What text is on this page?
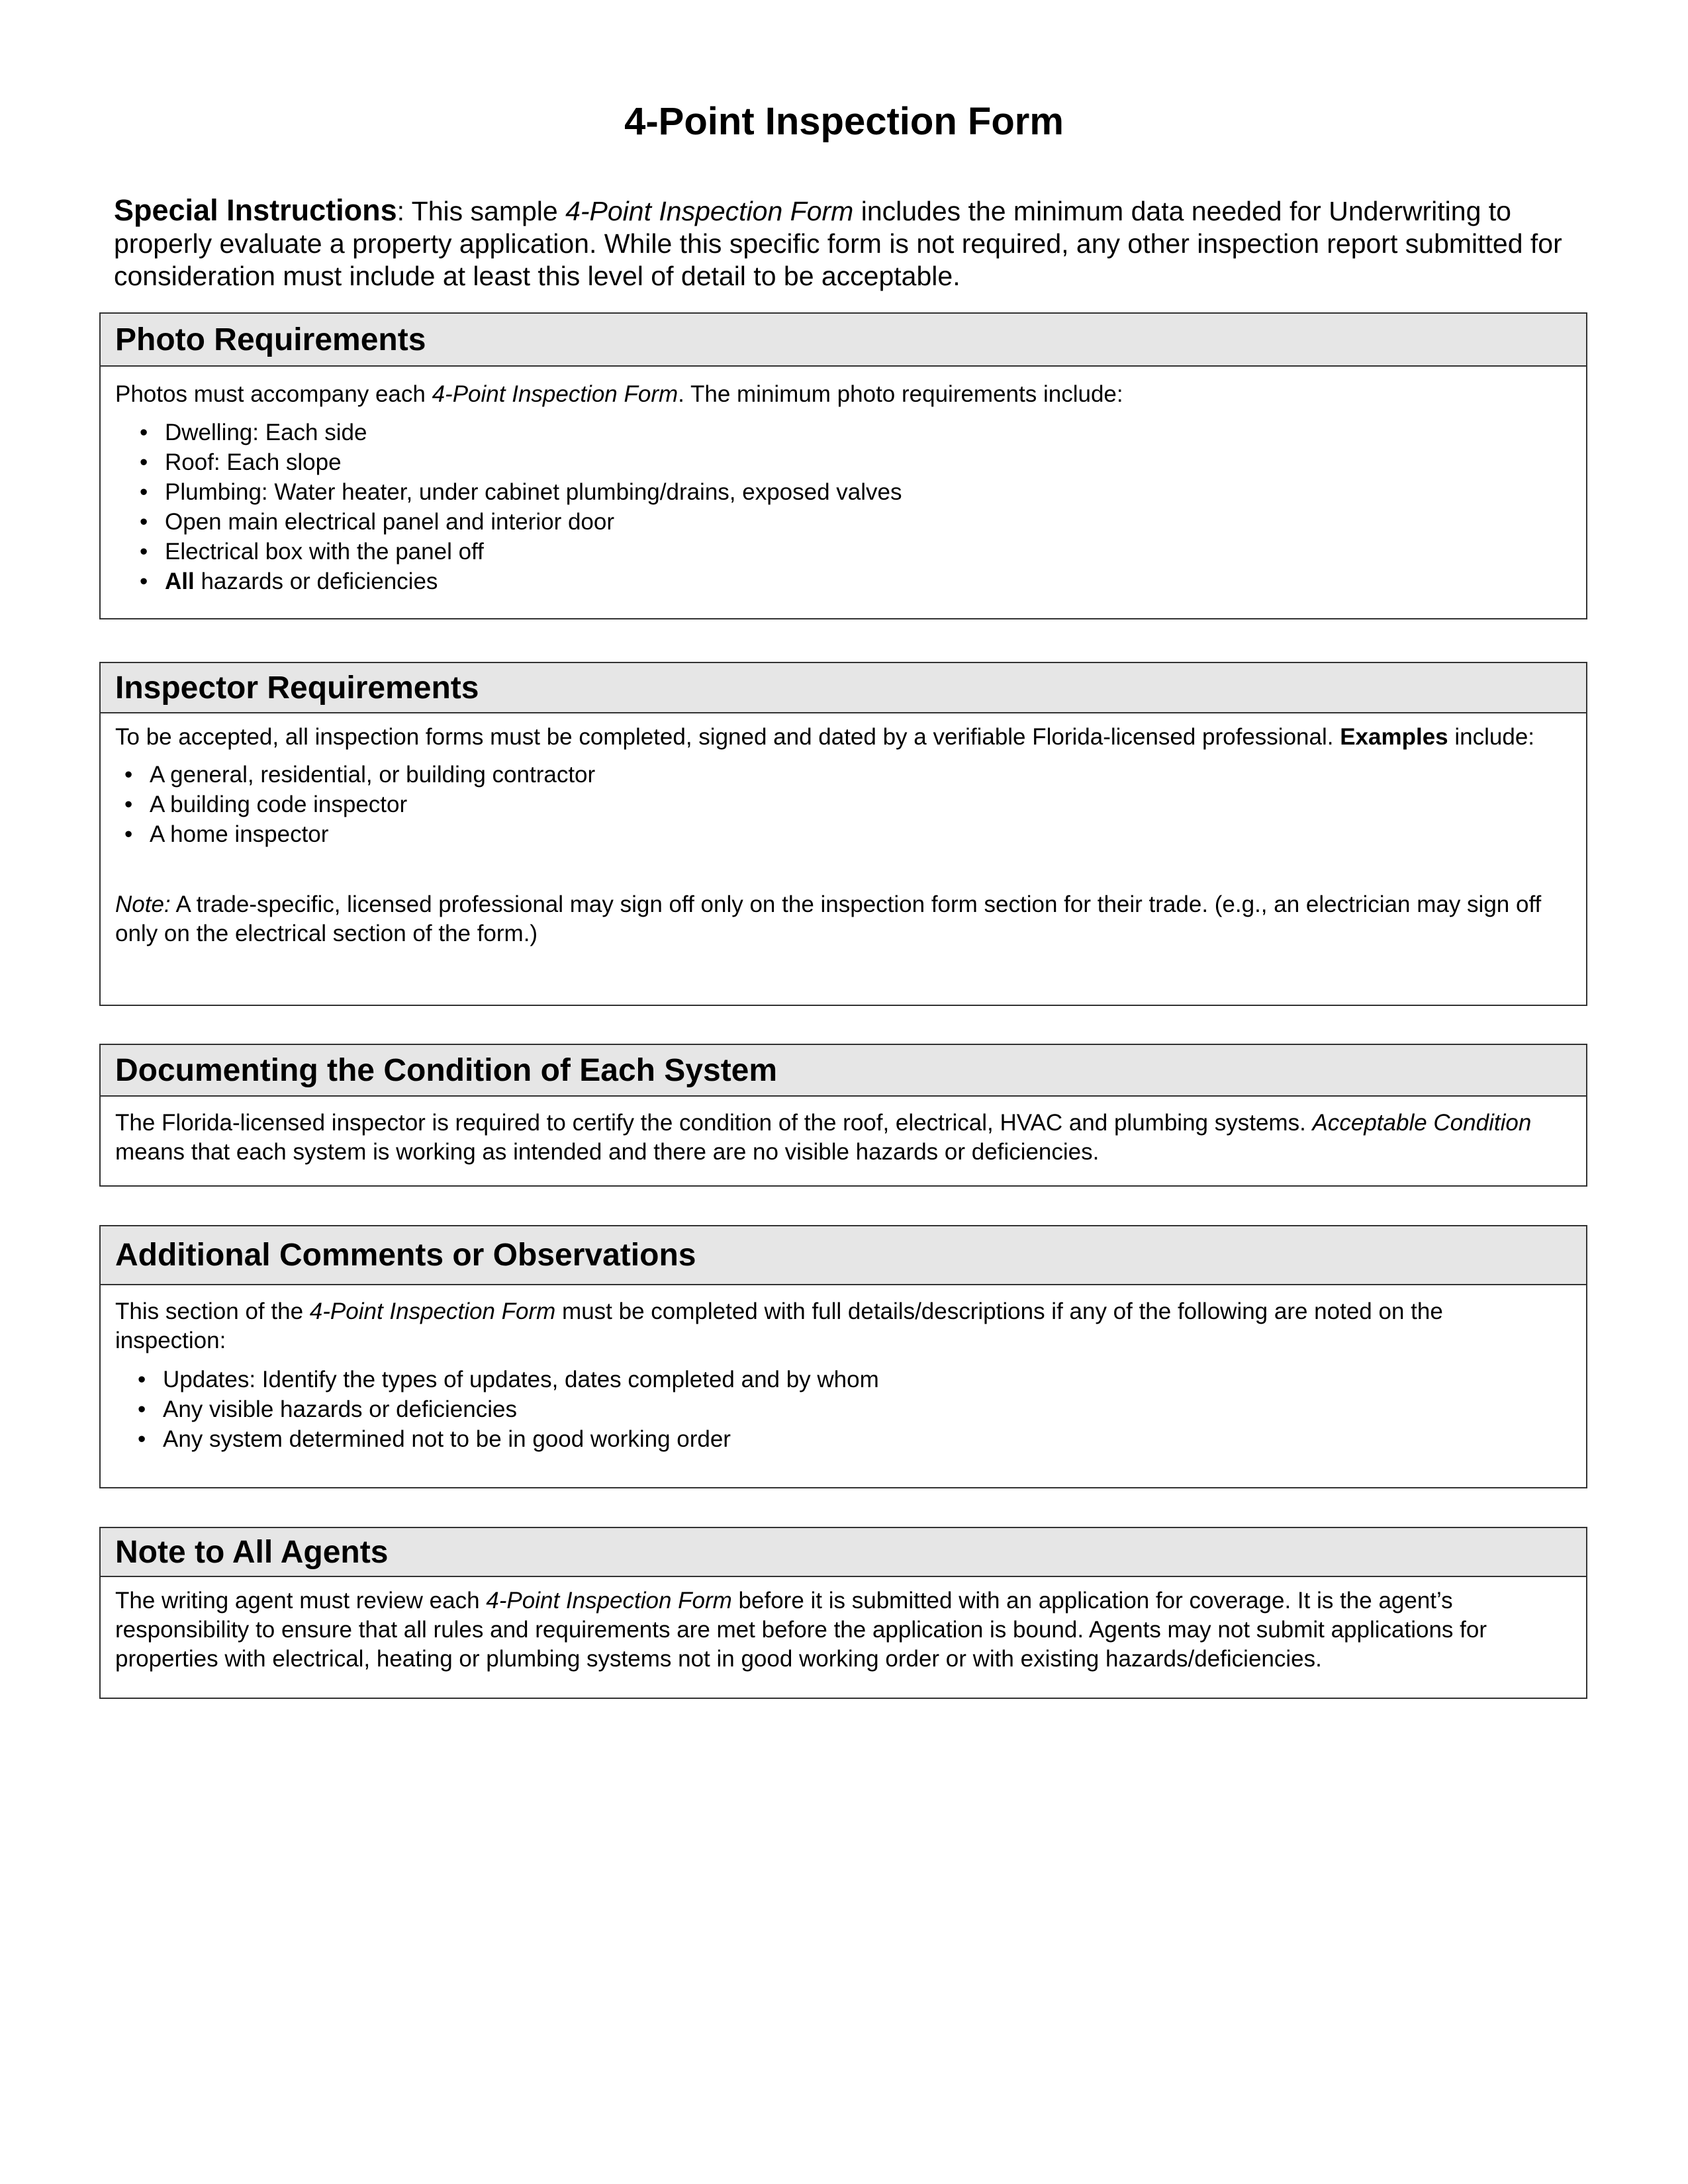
4-Point Inspection Form
Special Instructions: This sample 4-Point Inspection Form includes the minimum data needed for Underwriting to properly evaluate a property application. While this specific form is not required, any other inspection report submitted for consideration must include at least this level of detail to be acceptable.
Photo Requirements

Photos must accompany each 4-Point Inspection Form. The minimum photo requirements include:

• Dwelling: Each side
• Roof: Each slope
• Plumbing: Water heater, under cabinet plumbing/drains, exposed valves
• Open main electrical panel and interior door
• Electrical box with the panel off
• All hazards or deficiencies
Inspector Requirements

To be accepted, all inspection forms must be completed, signed and dated by a verifiable Florida-licensed professional. Examples include:

• A general, residential, or building contractor
• A building code inspector
• A home inspector

Note: A trade-specific, licensed professional may sign off only on the inspection form section for their trade. (e.g., an electrician may sign off only on the electrical section of the form.)

Documenting the Condition of Each System

The Florida-licensed inspector is required to certify the condition of the roof, electrical, HVAC and plumbing systems. Acceptable Condition means that each system is working as intended and there are no visible hazards or deficiencies.

Additional Comments or Observations

This section of the 4-Point Inspection Form must be completed with full details/descriptions if any of the following are noted on the inspection:

• Updates: Identify the types of updates, dates completed and by whom
• Any visible hazards or deficiencies
• Any system determined not to be in good working order
Note to All Agents

The writing agent must review each 4-Point Inspection Form before it is submitted with an application for coverage. It is the agent’s responsibility to ensure that all rules and requirements are met before the application is bound. Agents may not submit applications for properties with electrical, heating or plumbing systems not in good working order or with existing hazards/deficiencies.
